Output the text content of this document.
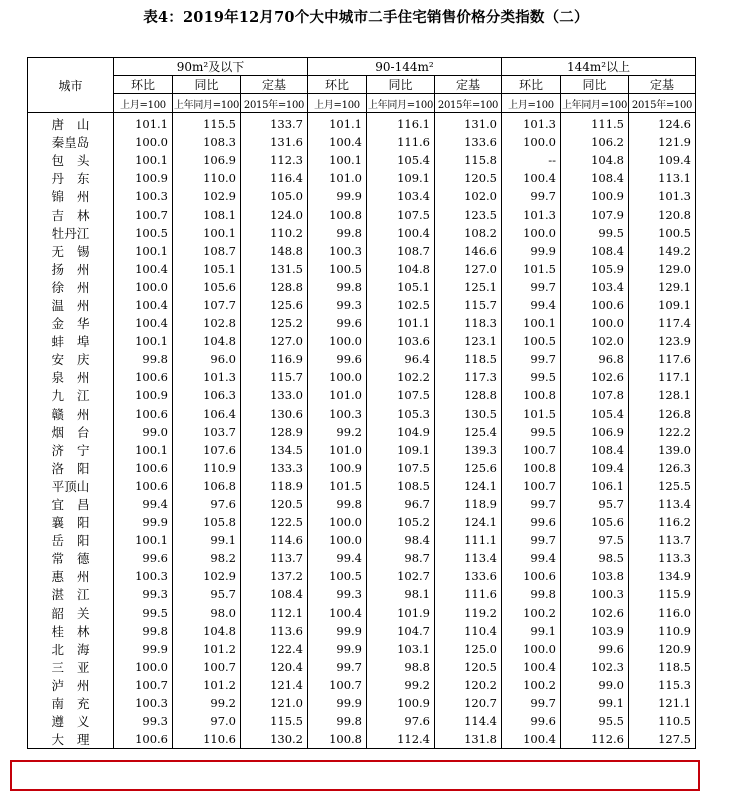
表4：2019年12月70个大中城市二手住宅销售价格分类指数（二）
城市	90m²及以下			90-144m²			144m²以上		
	环比	同比	定基	环比	同比	定基	环比	同比	定基
	上月=100	上年同月=100	2015年=100	上月=100	上年同月=100	2015年=100	上月=100	上年同月=100	2015年=100
唐山	101.1	115.5	133.7	101.1	116.1	131.0	101.3	111.5	124.6
秦皇岛	100.0	108.3	131.6	100.4	111.6	133.6	100.0	106.2	121.9
包头	100.1	106.9	112.3	100.1	105.4	115.8	--	104.8	109.4
丹东	100.9	110.0	116.4	101.0	109.1	120.5	100.4	108.4	113.1
锦州	100.3	102.9	105.0	99.9	103.4	102.0	99.7	100.9	101.3
吉林	100.7	108.1	124.0	100.8	107.5	123.5	101.3	107.9	120.8
牡丹江	100.5	100.1	110.2	99.8	100.4	108.2	100.0	99.5	100.5
无锡	100.1	108.7	148.8	100.3	108.7	146.6	99.9	108.4	149.2
扬州	100.4	105.1	131.5	100.5	104.8	127.0	101.5	105.9	129.0
徐州	100.0	105.6	128.8	99.8	105.1	125.1	99.7	103.4	129.1
温州	100.4	107.7	125.6	99.3	102.5	115.7	99.4	100.6	109.1
金华	100.4	102.8	125.2	99.6	101.1	118.3	100.1	100.0	117.4
蚌埠	100.1	104.8	127.0	100.0	103.6	123.1	100.5	102.0	123.9
安庆	99.8	96.0	116.9	99.6	96.4	118.5	99.7	96.8	117.6
泉州	100.6	101.3	115.7	100.0	102.2	117.3	99.5	102.6	117.1
九江	100.9	106.3	133.0	101.0	107.5	128.8	100.8	107.8	128.1
赣州	100.6	106.4	130.6	100.3	105.3	130.5	101.5	105.4	126.8
烟台	99.0	103.7	128.9	99.2	104.9	125.4	99.5	106.9	122.2
济宁	100.1	107.6	134.5	101.0	109.1	139.3	100.7	108.4	139.0
洛阳	100.6	110.9	133.3	100.9	107.5	125.6	100.8	109.4	126.3
平顶山	100.6	106.8	118.9	101.5	108.5	124.1	100.7	106.1	125.5
宜昌	99.4	97.6	120.5	99.8	96.7	118.9	99.7	95.7	113.4
襄阳	99.9	105.8	122.5	100.0	105.2	124.1	99.6	105.6	116.2
岳阳	100.1	99.1	114.6	100.0	98.4	111.1	99.7	97.5	113.7
常德	99.6	98.2	113.7	99.4	98.7	113.4	99.4	98.5	113.3
惠州	100.3	102.9	137.2	100.5	102.7	133.6	100.6	103.8	134.9
湛江	99.3	95.7	108.4	99.3	98.1	111.6	99.8	100.3	115.9
韶关	99.5	98.0	112.1	100.4	101.9	119.2	100.2	102.6	116.0
桂林	99.8	104.8	113.6	99.9	104.7	110.4	99.1	103.9	110.9
北海	99.9	101.2	122.4	99.9	103.1	125.0	100.0	99.6	120.9
三亚	100.0	100.7	120.4	99.7	98.8	120.5	100.4	102.3	118.5
泸州	100.7	101.2	121.4	100.7	99.2	120.2	100.2	99.0	115.3
南充	100.3	99.2	121.0	99.9	100.9	120.7	99.7	99.1	121.1
遵义	99.3	97.0	115.5	99.8	97.6	114.4	99.6	95.5	110.5
大理	100.6	110.6	130.2	100.8	112.4	131.8	100.4	112.6	127.5
